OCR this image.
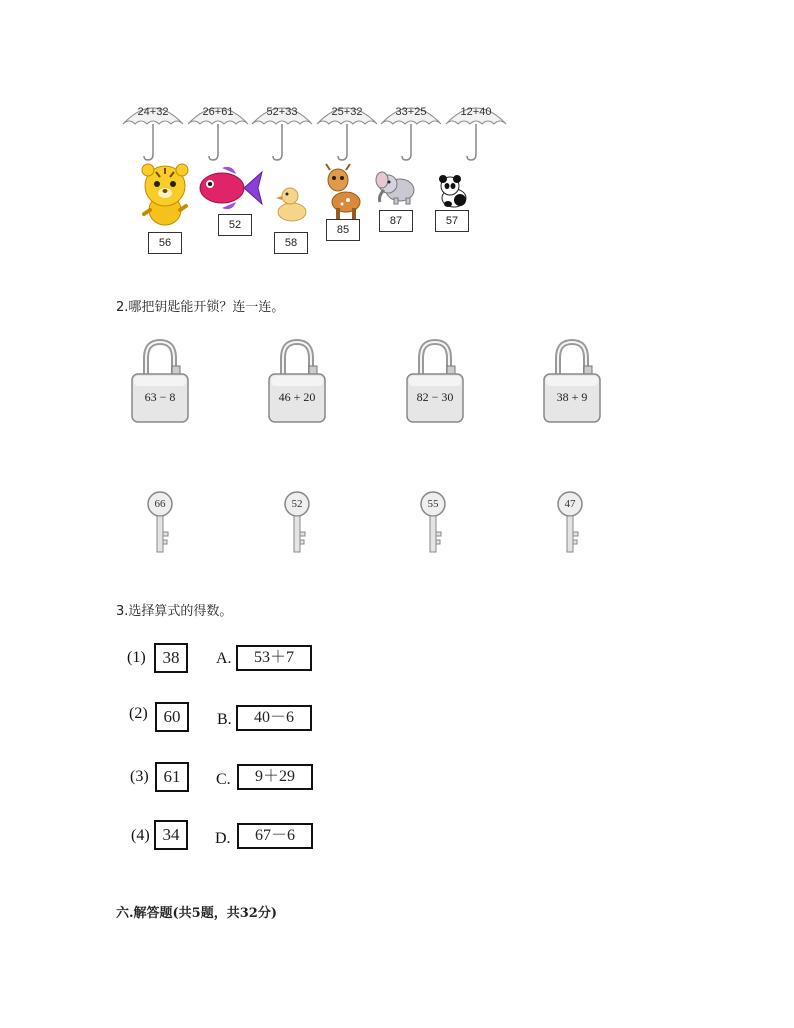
24+32	26+61	52+33	25+32	33+25	12+40
56
52
58
85
87	57
2.哪把钥匙能开锁？连一连。
63 − 8	46 + 20	82 − 30	38 + 9
66	52	55	47
3.选择算式的得数。
(1) 38	A.	53＋7
(2) 60	B.	40－6
(3) 61	C.	9＋29
(4) 34	D.	67－6
六.解答题(共5题，共32分)
